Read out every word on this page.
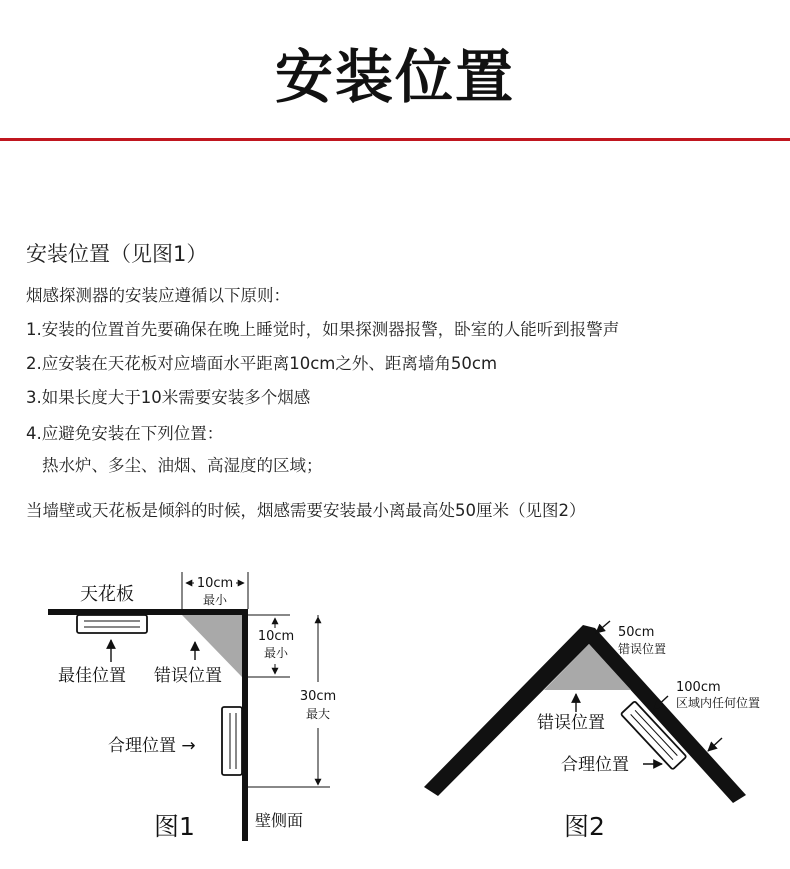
安装位置
安装位置（见图1）
烟感探测器的安装应遵循以下原则：
1.安装的位置首先要确保在晚上睡觉时，如果探测器报警，卧室的人能听到报警声
2.应安装在天花板对应墙面水平距离10cm之外、距离墙角50cm
3.如果长度大于10米需要安装多个烟感
4.应避免安装在下列位置：
热水炉、多尘、油烟、高湿度的区域；
当墙壁或天花板是倾斜的时候，烟感需要安装最小离最高处50厘米（见图2）
10cm
最小
10cm
最小
30cm
最大
天花板
最佳位置 错误位置
合理位置 →
壁侧面
图1
50cm
错误位置
100cm
区域内任何位置
错误位置
合理位置
图2
